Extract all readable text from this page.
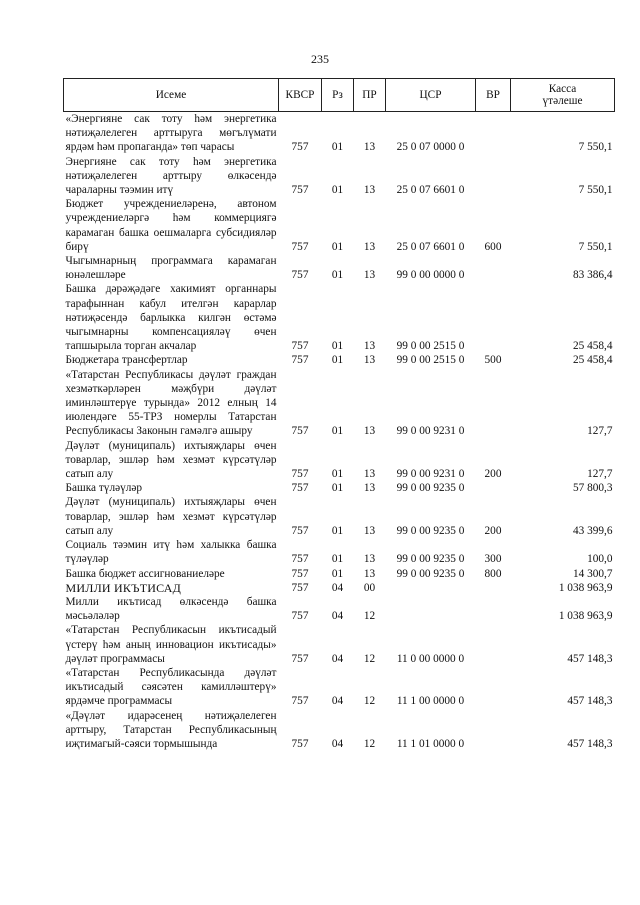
235
Исеме	КВСР	Рз	ПР	ЦСР	ВР	Касса
үтәлеше
«Энергияне сак тоту һәм энергетика нәтиҗәлелеген арттыруга мөгълүмати ярдәм һәм пропаганда» төп чарасы	757	01	13	25 0 07 0000 0		7 550,1
Энергияне сак тоту һәм энергетика нәтиҗәлелеген арттыру өлкәсендә чараларны тәэмин итү	757	01	13	25 0 07 6601 0		7 550,1
Бюджет учреждениеләренә, автоном учреждениеләргә һәм коммерциягә карамаган башка оешмаларга субсидияләр бирү	757	01	13	25 0 07 6601 0	600	7 550,1
Чыгымнарның программага карамаган юнәлешләре	757	01	13	99 0 00 0000 0		83 386,4
Башка дәрәҗәдәге хакимият органнары тарафыннан кабул ителгән карарлар нәтиҗәсендә барлыкка килгән өстәмә чыгымнарны компенсацияләү өчен тапшырыла торган акчалар	757	01	13	99 0 00 2515 0		25 458,4
Бюджетара трансфертлар	757	01	13	99 0 00 2515 0	500	25 458,4
«Татарстан Республикасы дәүләт граждан хезмәткәрләрен мәҗбүри дәүләт иминләштерүе турында» 2012 елның 14 июлендәге 55-ТРЗ номерлы Татарстан Республикасы Законын гамәлгә ашыру	757	01	13	99 0 00 9231 0		127,7
Дәүләт (муниципаль) ихтыяҗлары өчен товарлар, эшләр һәм хезмәт күрсәтүләр сатып алу	757	01	13	99 0 00 9231 0	200	127,7
Башка түләүләр	757	01	13	99 0 00 9235 0		57 800,3
Дәүләт (муниципаль) ихтыяҗлары өчен товарлар, эшләр һәм хезмәт күрсәтүләр сатып алу	757	01	13	99 0 00 9235 0	200	43 399,6
Социаль тәэмин итү һәм халыкка башка түләүләр	757	01	13	99 0 00 9235 0	300	100,0
Башка бюджет ассигнованиеләре	757	01	13	99 0 00 9235 0	800	14 300,7
МИЛЛИ ИКЪТИСАД	757	04	00			1 038 963,9
Милли икътисад өлкәсендә башка мәсьәләләр	757	04	12			1 038 963,9
«Татарстан Республикасын икътисадый үстерү һәм аның инновацион икътисады» дәүләт программасы	757	04	12	11 0 00 0000 0		457 148,3
«Татарстан Республикасында дәүләт икътисадый сәясәтен камилләштерү» ярдәмче программасы	757	04	12	11 1 00 0000 0		457 148,3
«Дәүләт идарәсенең нәтиҗәлелеген арттыру, Татарстан Республикасының иҗтимагый-сәяси тормышында	757	04	12	11 1 01 0000 0		457 148,3
